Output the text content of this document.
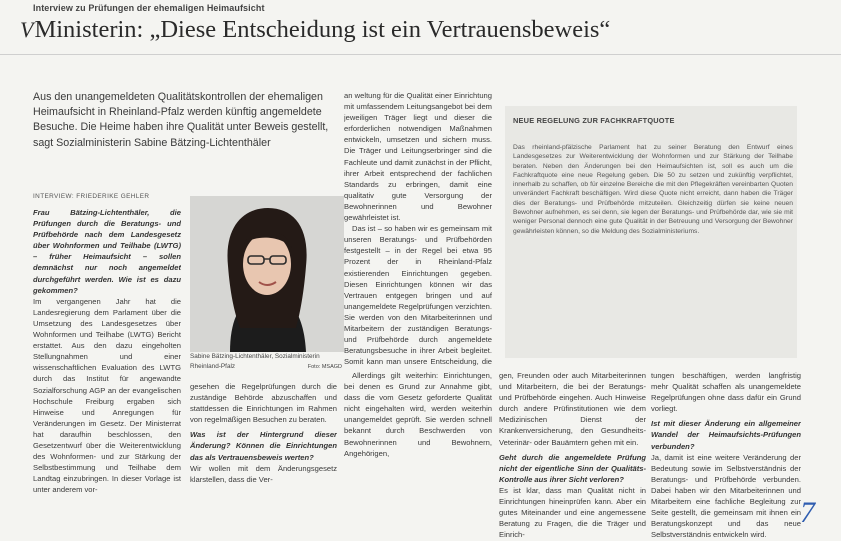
Interview zu Prüfungen der ehemaligen Heimaufsicht
VMinisterin: „Diese Entscheidung ist ein Vertrauensbeweis“
Aus den unangemeldeten Qualitätskontrollen der ehemaligen Heimaufsicht in Rheinland-Pfalz werden künftig angemeldete Besuche. Die Heime haben ihre Qualität unter Beweis gestellt, sagt Sozialministerin Sabine Bätzing-Lichtenthäler
INTERVIEW: FRIEDERIKE GEHLER

Frau Bätzing-Lichtenthäler, die Prüfungen durch die Beratungs- und Prüfbehörde nach dem Landesgesetz über Wohnformen und Teilhabe (LWTG) – früher Heimaufsicht – sollen demnächst nur noch angemeldet durchgeführt werden. Wie ist es dazu gekommen?

Im vergangenen Jahr hat die Landesregierung dem Parlament über die Umsetzung des Landesgesetzes über Wohnformen und Teilhabe (LWTG) Bericht erstattet. Aus den dazu eingeholten Stellungnahmen und einer wissenschaftlichen Evaluation des LWTG durch das Institut für angewandte Sozialforschung AGP an der evangelischen Hochschule Freiburg ergaben sich Hinweise und Anregungen für Veränderungen im Gesetz. Der Ministerrat hat daraufhin beschlossen, den Gesetzentwurf über die Weiterentwicklung des Wohnformen- und zur Stärkung der Selbstbestimmung und Teilhabe dem Landtag einzubringen. In dieser Vorlage ist unter anderem vor-

Sabine Bätzing-Lichtenthäler, Sozialministerin Rheinland-Pfalz	Foto: MSAGD

gesehen die Regelprüfungen durch die zuständige Behörde abzuschaffen und stattdessen die Einrichtungen im Rahmen von regelmäßigen Besuchen zu beraten.

Was ist der Hintergrund dieser Änderung? Können die Einrichtungen das als Vertrauensbeweis werten?

Wir wollen mit dem Änderungsgesetz klarstellen, dass die Ver-

an weltung für die Qualität einer Einrichtung mit umfassendem Leitungsangebot bei dem jeweiligen Träger liegt und dieser die erforderlichen notwendigen Maßnahmen entwickeln, umsetzen und sichern muss. Die Träger und Leitungserbringer sind die Fachleute und damit zunächst in der Pflicht, ihrer Arbeit entsprechend der fachlichen Standards zu erbringen, damit eine qualitativ gute Versorgung der Bewohnerinnen und Bewohner gewährleistet ist.

Das ist – so haben wir es gemeinsam mit unseren Beratungs- und Prüfbehörden festgestellt – in der Regel bei etwa 95 Prozent der in Rheinland-Pfalz existierenden Einrichtungen gegeben. Diesen Einrichtungen können wir das Vertrauen entgegen bringen und auf unangemeldete Regelprüfungen verzichten. Sie werden von den Mitarbeiterinnen und Mitarbeitern der zuständigen Beratungs- und Prüfbehörde durch angemeldete Beratungsbesuche in ihrer Arbeit begleitet. Somit kann man unsere Entscheidung, die

Allerdings gilt weiterhin: Einrichtungen, bei denen es Grund zur Annahme gibt, dass die vom Gesetz geforderte Qualität nicht eingehalten wird, werden weiterhin unangemeldet geprüft. Sie werden schnell bekannt durch Beschwerden von Bewohnerinnen und Bewohnern, Angehörigen,

gen, Freunden oder auch Mitarbeiterinnen und Mitarbeitern, die bei der Beratungs- und Prüfbehörde eingehen. Auch Hinweise durch andere Prüfinstitutionen wie dem Medizinischen Dienst der Krankenversicherung, den Gesundheits-Veterinär- oder Bauämtern gehen mit ein.

Geht durch die angemeldete Prüfung nicht der eigentliche Sinn der Qualitäts-Kontrolle aus ihrer Sicht verloren?

Es ist klar, dass man Qualität nicht in Einrichtungen hineinprüfen kann. Aber ein gutes Miteinander und eine angemessene Beratung zu Fragen, die die Träger und Einrich-

tungen beschäftigen, werden langfristig mehr Qualität schaffen als unangemeldete Regelprüfungen ohne dass dafür ein Grund vorliegt.

Ist mit dieser Änderung ein allgemeiner Wandel der Heimaufsichts-Prüfungen verbunden?

Ja, damit ist eine weitere Veränderung der Bedeutung sowie im Selbstverständnis der Beratungs- und Prüfbehörde verbunden. Dabei haben wir den Mitarbeiterinnen und Mitarbeitern eine fachliche Begleitung zur Seite gestellt, die gemeinsam mit ihnen ein Beratungskonzept und das neue Selbstverständnis entwickeln wird.

NEUE REGELUNG ZUR FACHKRAFTQUOTE
Das rheinland-pfälzische Parlament hat zu seiner Beratung den Entwurf eines Landesgesetzes zur Weiterentwicklung der Wohnformen und zur Stärkung der Teilhabe beraten. Neben den Änderungen bei den Heimaufsichten ist, soll es auch um die Fachkraftquote eine neue Regelung geben. Die 50 zu setzen und zukünftig verpflichtet, innerhalb zu schaffen, ob für einzelne Bereiche die mit den Pflegekräften vereinbarten Quoten unverändert Fachkraft beschäftigen. Wird diese Quote nicht erreicht, dann haben die Träger dies der Beratungs- und Prüfbehörde mitzuteilen. Gleichzeitig dürfen sie keine neuen Bewohner aufnehmen, es sei denn, sie legen der Beratungs- und Prüfbehörde dar, wie sie mit weniger Personal dennoch eine gute Qualität in der Betreuung und Versorgung der Bewohner gewährleisten können, so die Meldung des Sozialministeriums.
7
